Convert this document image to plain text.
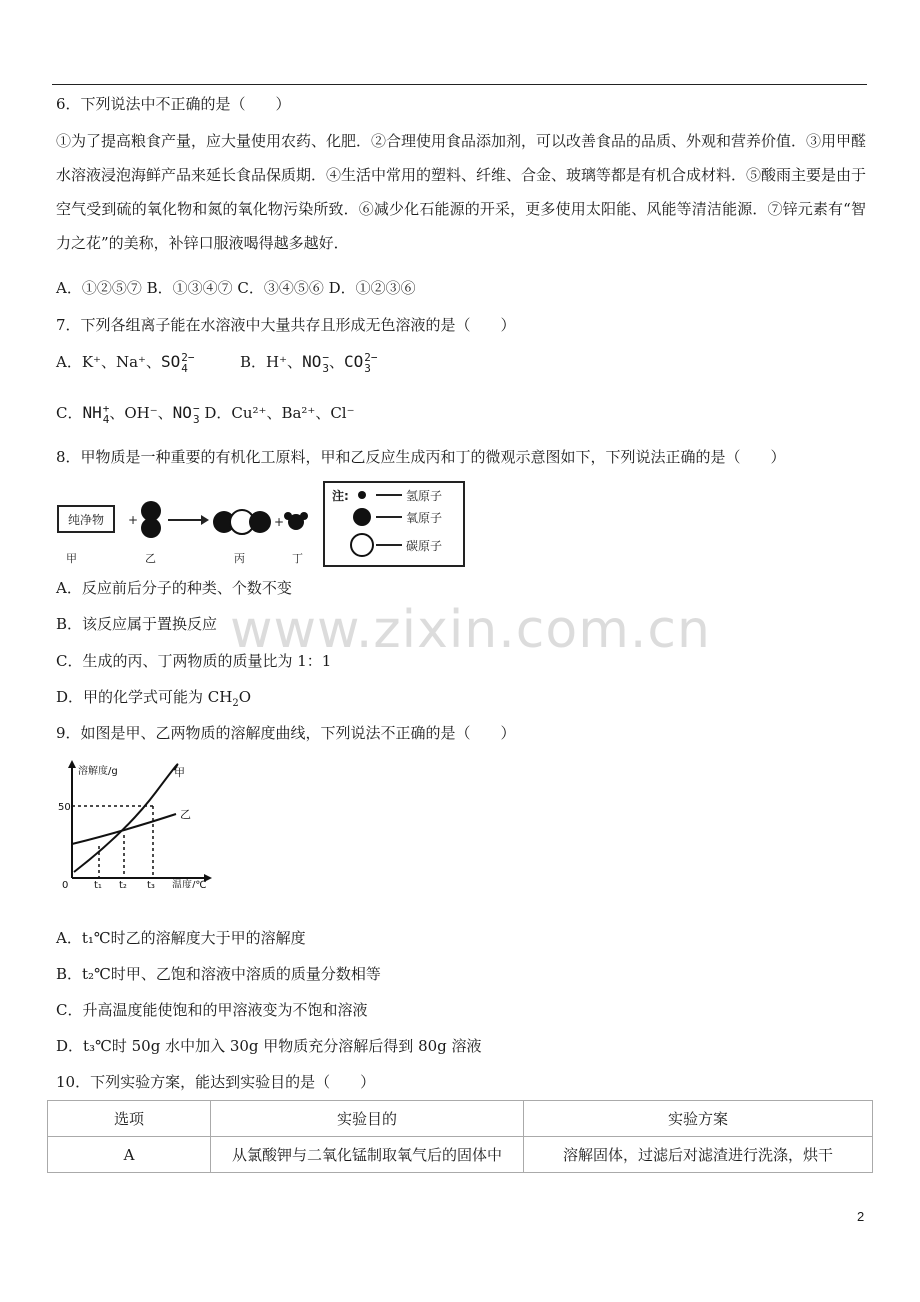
6．下列说法中不正确的是（　　）
①为了提高粮食产量，应大量使用农药、化肥．②合理使用食品添加剂，可以改善食品的品质、外观和营养价值．③用甲醛水溶液浸泡海鲜产品来延长食品保质期．④生活中常用的塑料、纤维、合金、玻璃等都是有机合成材料．⑤酸雨主要是由于空气受到硫的氧化物和氮的氧化物污染所致．⑥减少化石能源的开采，更多使用太阳能、风能等清洁能源．⑦锌元素有“智力之花”的美称，补锌口服液喝得越多越好．
A．①②⑤⑦ B．①③④⑦ C．③④⑤⑥ D．①②③⑥
7．下列各组离子能在水溶液中大量共存且形成无色溶液的是（　　）
A．K⁺、Na⁺、SO 2−
4	B．H⁺、NO −
3 、CO 2−
3
C．NH +
4 、OH⁻、NO −
3 D．Cu²⁺、Ba²⁺、Cl⁻
8．甲物质是一种重要的有机化工原料，甲和乙反应生成丙和丁的微观示意图如下，下列说法正确的是（　　）
纯净物 +	+
甲	乙	丙	丁
注:	氢原子
氧原子
碳原子
A．反应前后分子的种类、个数不变
B．该反应属于置换反应
C．生成的丙、丁两物质的质量比为 1：1
D．甲的化学式可能为 $CH_2O$
9．如图是甲、乙两物质的溶解度曲线，下列说法不正确的是（　　）
溶解度/g
50
0	t₁ t₂ t₃ 温度/℃
甲
乙
A．t₁℃时乙的溶解度大于甲的溶解度
B．t₂℃时甲、乙饱和溶液中溶质的质量分数相等
C．升高温度能使饱和的甲溶液变为不饱和溶液
D．t₃℃时 50g 水中加入 30g 甲物质充分溶解后得到 80g 溶液
10．下列实验方案，能达到实验目的是（　　）
选项	实验目的	实验方案
A	从氯酸钾与二氧化锰制取氧气后的固体中	溶解固体，过滤后对滤渣进行洗涤，烘干
www.zixin.com.cn
2
